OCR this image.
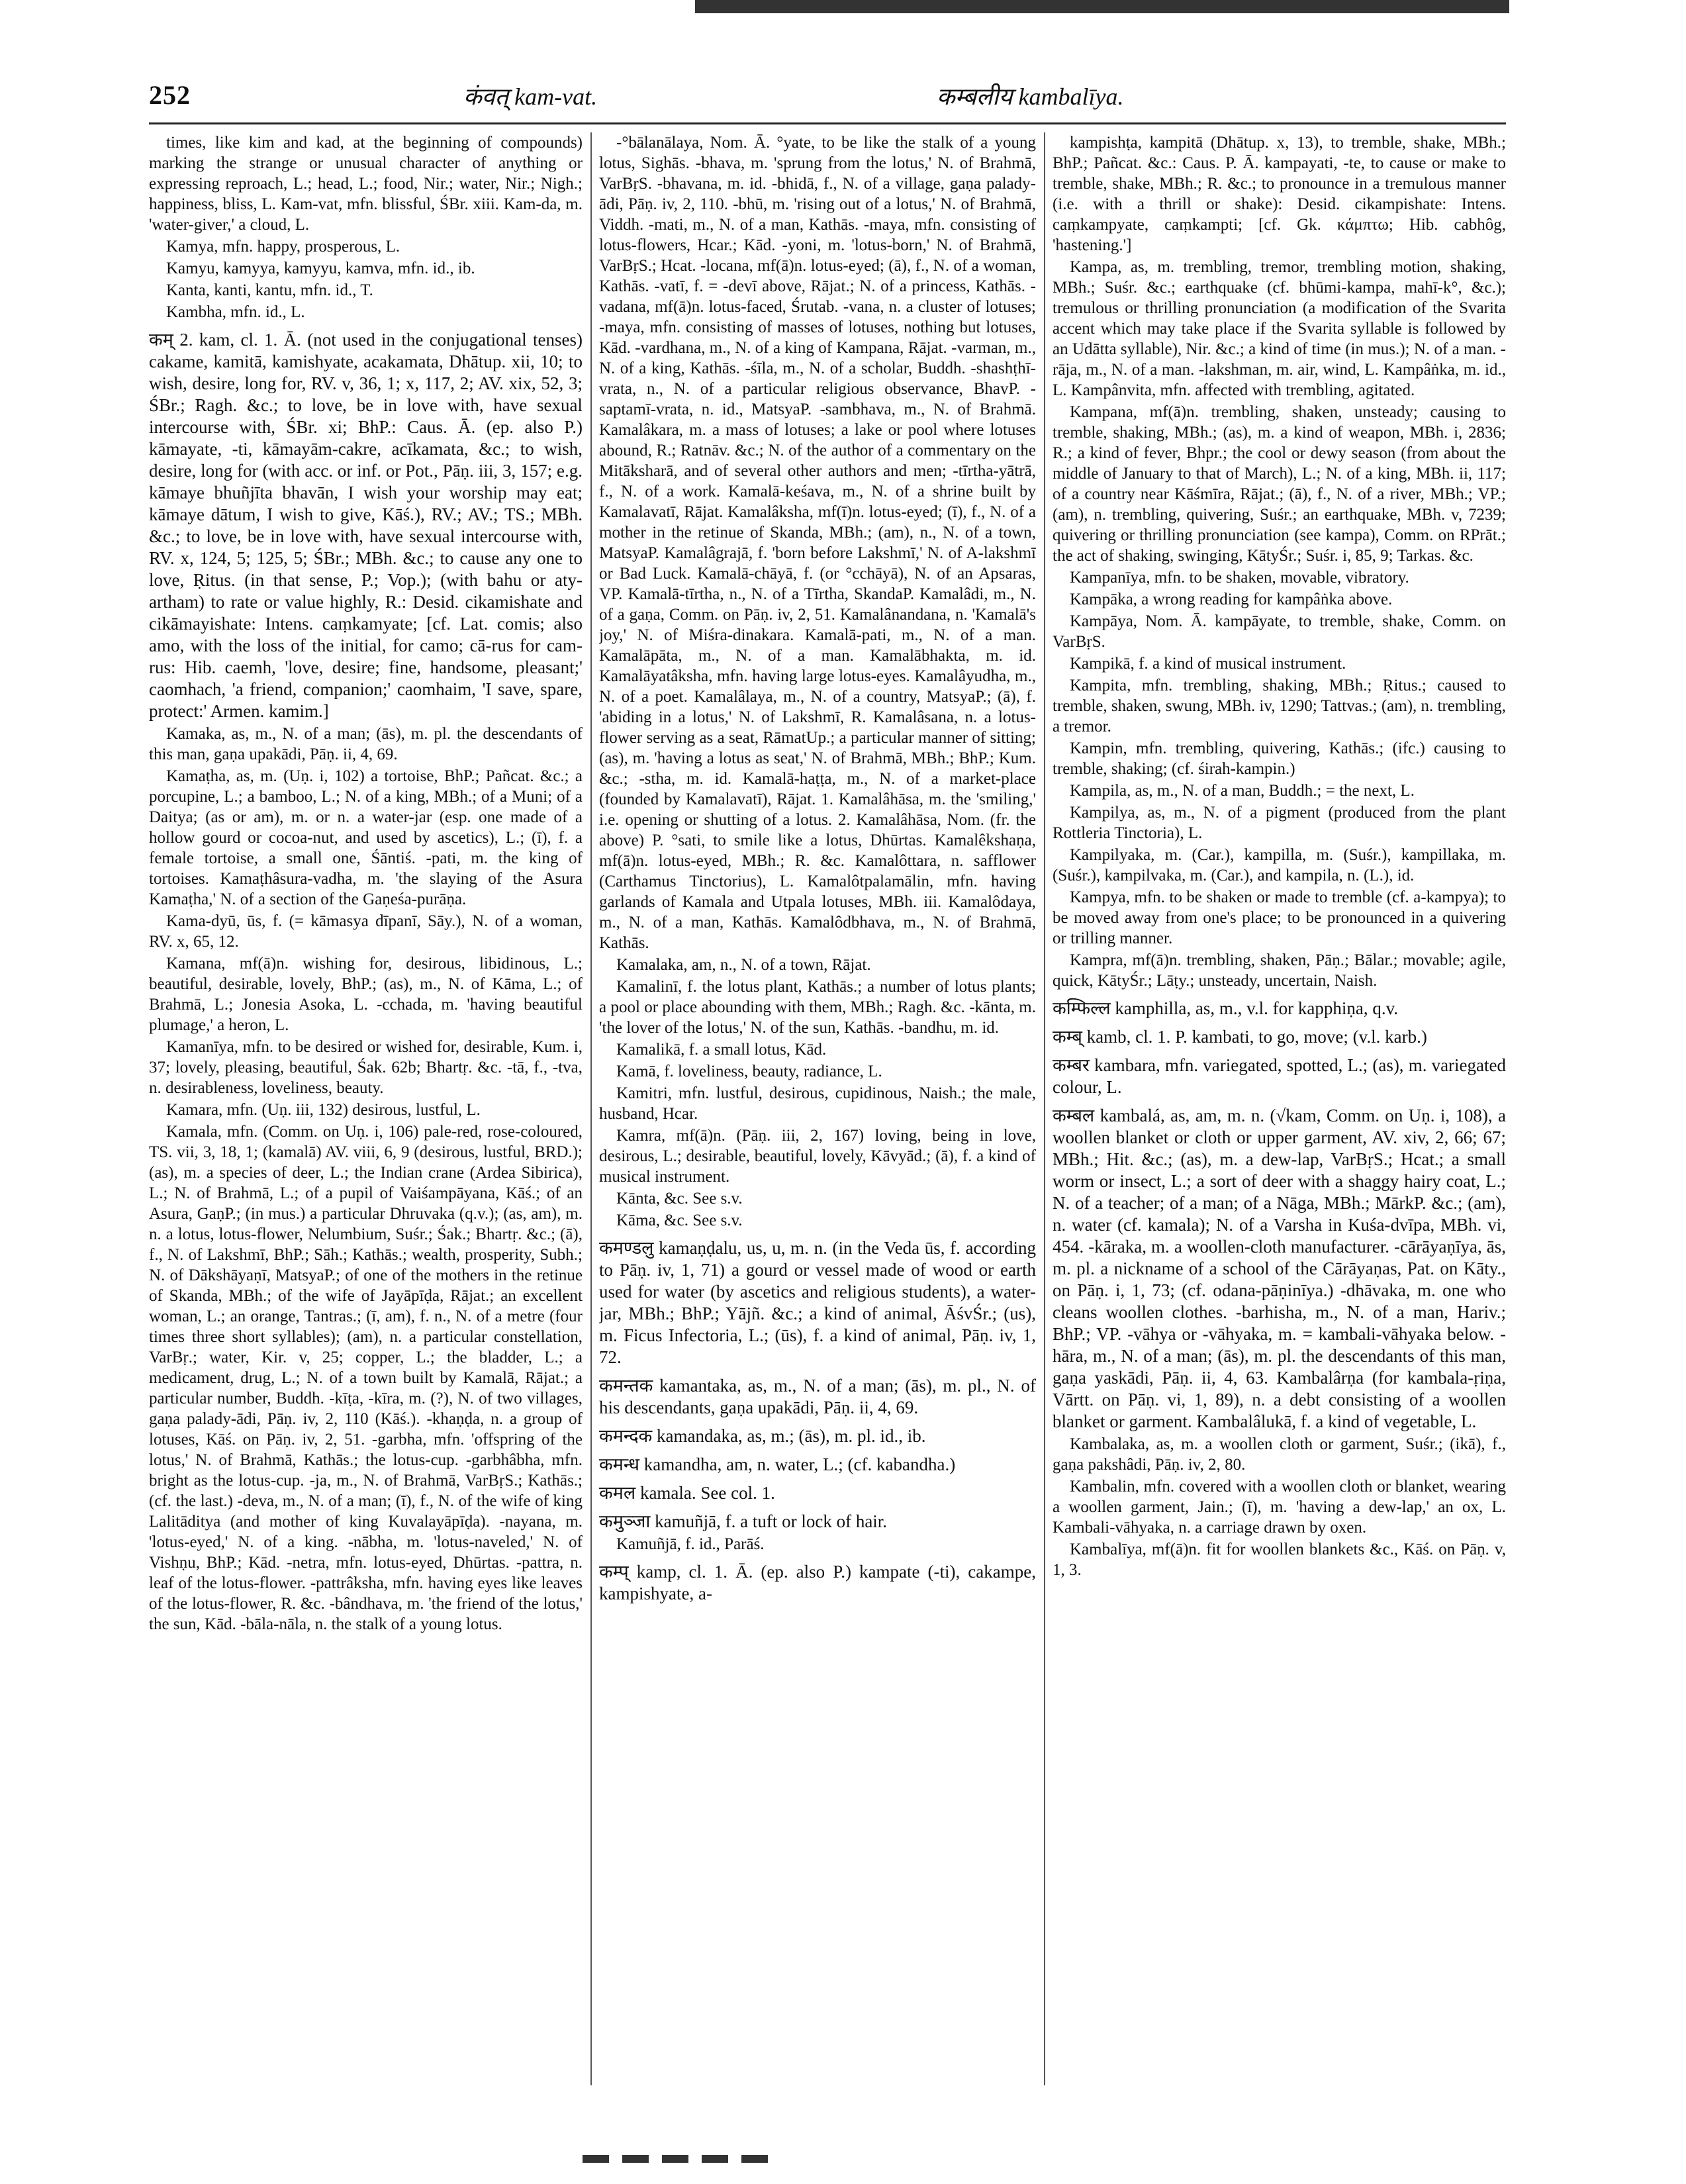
252	कंवत् kam-vat.	कम्बलीय kambalīya.

times, like kim and kad, at the beginning of compounds) marking the strange or unusual character of anything or expressing reproach, L.; head, L.; food, Nir.; water, Nir.; Nigh.; happiness, bliss, L. Kam-vat, mfn. blissful, ŚBr. xiii. Kam-da, m. 'water-giver,' a cloud, L.

Kamya, mfn. happy, prosperous, L.

Kamyu, kamyya, kamyyu, kamva, mfn. id., ib.

Kanta, kanti, kantu, mfn. id., T.

Kambha, mfn. id., L.

कम् 2. kam, cl. 1. Ā. (not used in the conjugational tenses) cakame, kamitā, kamishyate, acakamata, Dhātup. xii, 10; to wish, desire, long for, RV. v, 36, 1; x, 117, 2; AV. xix, 52, 3; ŚBr.; Ragh. &c.; to love, be in love with, have sexual intercourse with, ŚBr. xi; BhP.: Caus. Ā. (ep. also P.) kāmayate, -ti, kāmayām-cakre, acīkamata, &c.; to wish, desire, long for (with acc. or inf. or Pot., Pāṇ. iii, 3, 157; e.g. kāmaye bhuñjīta bhavān, I wish your worship may eat; kāmaye dātum, I wish to give, Kāś.), RV.; AV.; TS.; MBh. &c.; to love, be in love with, have sexual intercourse with, RV. x, 124, 5; 125, 5; ŚBr.; MBh. &c.; to cause any one to love, Ṛitus. (in that sense, P.; Vop.); (with bahu or aty-artham) to rate or value highly, R.: Desid. cikamishate and cikāmayishate: Intens. caṃkamyate; [cf. Lat. comis; also amo, with the loss of the initial, for camo; cā-rus for cam-rus: Hib. caemh, 'love, desire; fine, handsome, pleasant;' caomhach, 'a friend, companion;' caomhaim, 'I save, spare, protect:' Armen. kamim.]

Kamaka, as, m., N. of a man; (ās), m. pl. the descendants of this man, gaṇa upakādi, Pāṇ. ii, 4, 69.

Kamaṭha, as, m. (Uṇ. i, 102) a tortoise, BhP.; Pañcat. &c.; a porcupine, L.; a bamboo, L.; N. of a king, MBh.; of a Muni; of a Daitya; (as or am), m. or n. a water-jar (esp. one made of a hollow gourd or cocoa-nut, and used by ascetics), L.; (ī), f. a female tortoise, a small one, Śāntiś. -pati, m. the king of tortoises. Kamaṭhâsura-vadha, m. 'the slaying of the Asura Kamaṭha,' N. of a section of the Gaṇeśa-purāṇa.

Kama-dyū, ūs, f. (= kāmasya dīpanī, Sāy.), N. of a woman, RV. x, 65, 12.

Kamana, mf(ā)n. wishing for, desirous, libidinous, L.; beautiful, desirable, lovely, BhP.; (as), m., N. of Kāma, L.; of Brahmā, L.; Jonesia Asoka, L. -cchada, m. 'having beautiful plumage,' a heron, L.

Kamanīya, mfn. to be desired or wished for, desirable, Kum. i, 37; lovely, pleasing, beautiful, Śak. 62b; Bhartṛ. &c. -tā, f., -tva, n. desirableness, loveliness, beauty.

Kamara, mfn. (Uṇ. iii, 132) desirous, lustful, L.

Kamala, mfn. (Comm. on Uṇ. i, 106) pale-red, rose-coloured, TS. vii, 3, 18, 1; (kamalā) AV. viii, 6, 9 (desirous, lustful, BRD.); (as), m. a species of deer, L.; the Indian crane (Ardea Sibirica), L.; N. of Brahmā, L.; of a pupil of Vaiśampāyana, Kāś.; of an Asura, GaṇP.; (in mus.) a particular Dhruvaka (q.v.); (as, am), m. n. a lotus, lotus-flower, Nelumbium, Suśr.; Śak.; Bhartṛ. &c.; (ā), f., N. of Lakshmī, BhP.; Sāh.; Kathās.; wealth, prosperity, Subh.; N. of Dākshāyaṇī, MatsyaP.; of one of the mothers in the retinue of Skanda, MBh.; of the wife of Jayāpīḍa, Rājat.; an excellent woman, L.; an orange, Tantras.; (ī, am), f. n., N. of a metre (four times three short syllables); (am), n. a particular constellation, VarBṛ.; water, Kir. v, 25; copper, L.; the bladder, L.; a medicament, drug, L.; N. of a town built by Kamalā, Rājat.; a particular number, Buddh. -kīṭa, -kīra, m. (?), N. of two villages, gaṇa palady-ādi, Pāṇ. iv, 2, 110 (Kāś.). -khaṇḍa, n. a group of lotuses, Kāś. on Pāṇ. iv, 2, 51. -garbha, mfn. 'offspring of the lotus,' N. of Brahmā, Kathās.; the lotus-cup. -garbhâbha, mfn. bright as the lotus-cup. -ja, m., N. of Brahmā, VarBṛS.; Kathās.; (cf. the last.) -deva, m., N. of a man; (ī), f., N. of the wife of king Lalitāditya (and mother of king Kuvalayāpīḍa). -nayana, m. 'lotus-eyed,' N. of a king. -nābha, m. 'lotus-naveled,' N. of Vishṇu, BhP.; Kād. -netra, mfn. lotus-eyed, Dhūrtas. -pattra, n. leaf of the lotus-flower. -pattrâksha, mfn. having eyes like leaves of the lotus-flower, R. &c. -bândhava, m. 'the friend of the lotus,' the sun, Kād. -bāla-nāla, n. the stalk of a young lotus.

-°bālanālaya, Nom. Ā. °yate, to be like the stalk of a young lotus, Sighās. -bhava, m. 'sprung from the lotus,' N. of Brahmā, VarBṛS. -bhavana, m. id. -bhidā, f., N. of a village, gaṇa palady-ādi, Pāṇ. iv, 2, 110. -bhū, m. 'rising out of a lotus,' N. of Brahmā, Viddh. -mati, m., N. of a man, Kathās. -maya, mfn. consisting of lotus-flowers, Hcar.; Kād. -yoni, m. 'lotus-born,' N. of Brahmā, VarBṛS.; Hcat. -locana, mf(ā)n. lotus-eyed; (ā), f., N. of a woman, Kathās. -vatī, f. = -devī above, Rājat.; N. of a princess, Kathās. -vadana, mf(ā)n. lotus-faced, Śrutab. -vana, n. a cluster of lotuses; -maya, mfn. consisting of masses of lotuses, nothing but lotuses, Kād. -vardhana, m., N. of a king of Kampana, Rājat. -varman, m., N. of a king, Kathās. -śīla, m., N. of a scholar, Buddh. -shashṭhī-vrata, n., N. of a particular religious observance, BhavP. -saptamī-vrata, n. id., MatsyaP. -sambhava, m., N. of Brahmā. Kamalâkara, m. a mass of lotuses; a lake or pool where lotuses abound, R.; Ratnāv. &c.; N. of the author of a commentary on the Mitāksharā, and of several other authors and men; -tīrtha-yātrā, f., N. of a work. Kamalā-keśava, m., N. of a shrine built by Kamalavatī, Rājat. Kamalâksha, mf(ī)n. lotus-eyed; (ī), f., N. of a mother in the retinue of Skanda, MBh.; (am), n., N. of a town, MatsyaP. Kamalâgrajā, f. 'born before Lakshmī,' N. of A-lakshmī or Bad Luck. Kamalā-chāyā, f. (or °cchāyā), N. of an Apsaras, VP. Kamalā-tīrtha, n., N. of a Tīrtha, SkandaP. Kamalâdi, m., N. of a gaṇa, Comm. on Pāṇ. iv, 2, 51. Kamalânandana, n. 'Kamalā's joy,' N. of Miśra-dinakara. Kamalā-pati, m., N. of a man. Kamalāpāta, m., N. of a man. Kamalābhakta, m. id. Kamalāyatâksha, mfn. having large lotus-eyes. Kamalâyudha, m., N. of a poet. Kamalâlaya, m., N. of a country, MatsyaP.; (ā), f. 'abiding in a lotus,' N. of Lakshmī, R. Kamalâsana, n. a lotus-flower serving as a seat, RāmatUp.; a particular manner of sitting; (as), m. 'having a lotus as seat,' N. of Brahmā, MBh.; BhP.; Kum. &c.; -stha, m. id. Kamalā-haṭṭa, m., N. of a market-place (founded by Kamalavatī), Rājat. 1. Kamalâhāsa, m. the 'smiling,' i.e. opening or shutting of a lotus. 2. Kamalâhāsa, Nom. (fr. the above) P. °sati, to smile like a lotus, Dhūrtas. Kamalêkshaṇa, mf(ā)n. lotus-eyed, MBh.; R. &c. Kamalôttara, n. safflower (Carthamus Tinctorius), L. Kamalôtpalamālin, mfn. having garlands of Kamala and Utpala lotuses, MBh. iii. Kamalôdaya, m., N. of a man, Kathās. Kamalôdbhava, m., N. of Brahmā, Kathās.

Kamalaka, am, n., N. of a town, Rājat.

Kamalinī, f. the lotus plant, Kathās.; a number of lotus plants; a pool or place abounding with them, MBh.; Ragh. &c. -kānta, m. 'the lover of the lotus,' N. of the sun, Kathās. -bandhu, m. id.

Kamalikā, f. a small lotus, Kād.

Kamā, f. loveliness, beauty, radiance, L.

Kamitri, mfn. lustful, desirous, cupidinous, Naish.; the male, husband, Hcar.

Kamra, mf(ā)n. (Pāṇ. iii, 2, 167) loving, being in love, desirous, L.; desirable, beautiful, lovely, Kāvyād.; (ā), f. a kind of musical instrument.

Kānta, &c. See s.v.

Kāma, &c. See s.v.

कमण्डलु kamaṇḍalu, us, u, m. n. (in the Veda ūs, f. according to Pāṇ. iv, 1, 71) a gourd or vessel made of wood or earth used for water (by ascetics and religious students), a water-jar, MBh.; BhP.; Yājñ. &c.; a kind of animal, ĀśvŚr.; (us), m. Ficus Infectoria, L.; (ūs), f. a kind of animal, Pāṇ. iv, 1, 72.

कमन्तक kamantaka, as, m., N. of a man; (ās), m. pl., N. of his descendants, gaṇa upakādi, Pāṇ. ii, 4, 69.

कमन्दक kamandaka, as, m.; (ās), m. pl. id., ib.

कमन्ध kamandha, am, n. water, L.; (cf. kabandha.)

कमल kamala. See col. 1.

कमुञ्जा kamuñjā, f. a tuft or lock of hair.

Kamuñjā, f. id., Parāś.

कम्प् kamp, cl. 1. Ā. (ep. also P.) kampate (-ti), cakampe, kampishyate, a-

kampishṭa, kampitā (Dhātup. x, 13), to tremble, shake, MBh.; BhP.; Pañcat. &c.: Caus. P. Ā. kampayati, -te, to cause or make to tremble, shake, MBh.; R. &c.; to pronounce in a tremulous manner (i.e. with a thrill or shake): Desid. cikampishate: Intens. caṃkampyate, caṃkampti; [cf. Gk. κάμπτω; Hib. cabhôg, 'hastening.']

Kampa, as, m. trembling, tremor, trembling motion, shaking, MBh.; Suśr. &c.; earthquake (cf. bhūmi-kampa, mahī-k°, &c.); tremulous or thrilling pronunciation (a modification of the Svarita accent which may take place if the Svarita syllable is followed by an Udātta syllable), Nir. &c.; a kind of time (in mus.); N. of a man. -rāja, m., N. of a man. -lakshman, m. air, wind, L. Kampâṅka, m. id., L. Kampânvita, mfn. affected with trembling, agitated.

Kampana, mf(ā)n. trembling, shaken, unsteady; causing to tremble, shaking, MBh.; (as), m. a kind of weapon, MBh. i, 2836; R.; a kind of fever, Bhpr.; the cool or dewy season (from about the middle of January to that of March), L.; N. of a king, MBh. ii, 117; of a country near Kāśmīra, Rājat.; (ā), f., N. of a river, MBh.; VP.; (am), n. trembling, quivering, Suśr.; an earthquake, MBh. v, 7239; quivering or thrilling pronunciation (see kampa), Comm. on RPrāt.; the act of shaking, swinging, KātyŚr.; Suśr. i, 85, 9; Tarkas. &c.

Kampanīya, mfn. to be shaken, movable, vibratory.

Kampāka, a wrong reading for kampâṅka above.

Kampāya, Nom. Ā. kampāyate, to tremble, shake, Comm. on VarBṛS.

Kampikā, f. a kind of musical instrument.

Kampita, mfn. trembling, shaking, MBh.; Ṛitus.; caused to tremble, shaken, swung, MBh. iv, 1290; Tattvas.; (am), n. trembling, a tremor.

Kampin, mfn. trembling, quivering, Kathās.; (ifc.) causing to tremble, shaking; (cf. śirah-kampin.)

Kampila, as, m., N. of a man, Buddh.; = the next, L.

Kampilya, as, m., N. of a pigment (produced from the plant Rottleria Tinctoria), L.

Kampilyaka, m. (Car.), kampilla, m. (Suśr.), kampillaka, m. (Suśr.), kampilvaka, m. (Car.), and kampila, n. (L.), id.

Kampya, mfn. to be shaken or made to tremble (cf. a-kampya); to be moved away from one's place; to be pronounced in a quivering or trilling manner.

Kampra, mf(ā)n. trembling, shaken, Pāṇ.; Bālar.; movable; agile, quick, KātyŚr.; Lāṭy.; unsteady, uncertain, Naish.

कम्फिल्ल kamphilla, as, m., v.l. for kapphiṇa, q.v.

कम्ब् kamb, cl. 1. P. kambati, to go, move; (v.l. karb.)

कम्बर kambara, mfn. variegated, spotted, L.; (as), m. variegated colour, L.

कम्बल kambalá, as, am, m. n. (√kam, Comm. on Uṇ. i, 108), a woollen blanket or cloth or upper garment, AV. xiv, 2, 66; 67; MBh.; Hit. &c.; (as), m. a dew-lap, VarBṛS.; Hcat.; a small worm or insect, L.; a sort of deer with a shaggy hairy coat, L.; N. of a teacher; of a man; of a Nāga, MBh.; MārkP. &c.; (am), n. water (cf. kamala); N. of a Varsha in Kuśa-dvīpa, MBh. vi, 454. -kāraka, m. a woollen-cloth manufacturer. -cārāyaṇīya, ās, m. pl. a nickname of a school of the Cārāyaṇas, Pat. on Kāty., on Pāṇ. i, 1, 73; (cf. odana-pāṇinīya.) -dhāvaka, m. one who cleans woollen clothes. -barhisha, m., N. of a man, Hariv.; BhP.; VP. -vāhya or -vāhyaka, m. = kambali-vāhyaka below. -hāra, m., N. of a man; (ās), m. pl. the descendants of this man, gaṇa yaskādi, Pāṇ. ii, 4, 63. Kambalârṇa (for kambala-ṛiṇa, Vārtt. on Pāṇ. vi, 1, 89), n. a debt consisting of a woollen blanket or garment. Kambalâlukā, f. a kind of vegetable, L.

Kambalaka, as, m. a woollen cloth or garment, Suśr.; (ikā), f., gaṇa pakshâdi, Pāṇ. iv, 2, 80.

Kambalin, mfn. covered with a woollen cloth or blanket, wearing a woollen garment, Jain.; (ī), m. 'having a dew-lap,' an ox, L. Kambali-vāhyaka, n. a carriage drawn by oxen.

Kambalīya, mf(ā)n. fit for woollen blankets &c., Kāś. on Pāṇ. v, 1, 3.
